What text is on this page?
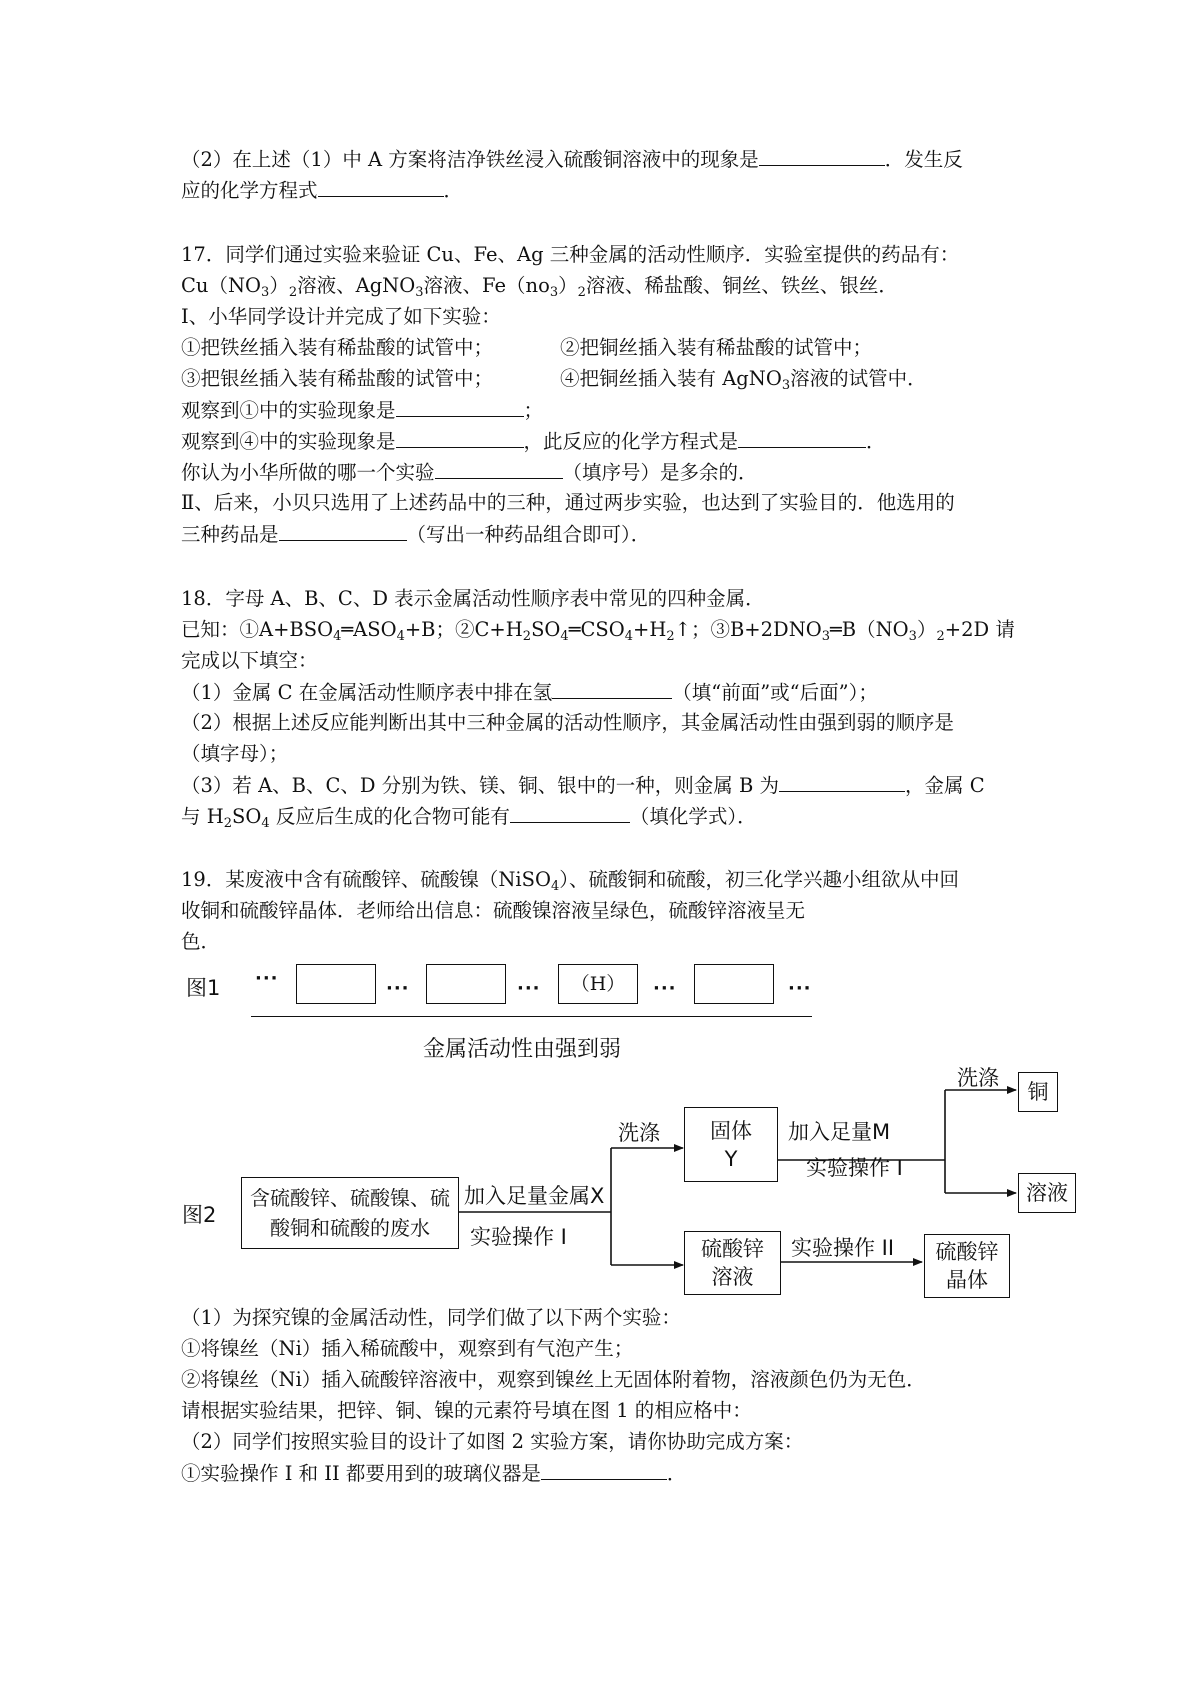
（2）在上述（1）中 A 方案将洁净铁丝浸入硫酸铜溶液中的现象是	．发生反
应的化学方程式	．
17．同学们通过实验来验证 Cu、Fe、Ag 三种金属的活动性顺序．实验室提供的药品有：
$Cu(NO_3)_2$溶液、AgNO$_3$溶液、$Fe(no_3)_2$溶液、稀盐酸、铜丝、铁丝、银丝．
Ⅰ、小华同学设计并完成了如下实验：
①把铁丝插入装有稀盐酸的试管中；	②把铜丝插入装有稀盐酸的试管中；
③把银丝插入装有稀盐酸的试管中；	④把铜丝插入装有 AgNO$_3$溶液的试管中．
观察到①中的实验现象是	；
观察到④中的实验现象是	，此反应的化学方程式是	．
你认为小华所做的哪一个实验	（填序号）是多余的．
Ⅱ、后来，小贝只选用了上述药品中的三种，通过两步实验，也达到了实验目的．他选用的
三种药品是	（写出一种药品组合即可）．
18．字母 A、B、C、D 表示金属活动性顺序表中常见的四种金属．
已知：$①A+BSO_4═ASO_4+B$；$②C+H_2SO_4═CSO_4+H_2↑$；$③B+2DNO_3═B(NO_3)_2+2D$ 请
完成以下填空：
（1）金属 C 在金属活动性顺序表中排在氢	（填“前面”或“后面”）；
（2）根据上述反应能判断出其中三种金属的活动性顺序，其金属活动性由强到弱的顺序是
（填字母）；
（3）若 A、B、C、D 分别为铁、镁、铜、银中的一种，则金属 B 为	，金属 C
与 $H_2SO_4$ 反应后生成的化合物可能有	（填化学式）．
19．某废液中含有硫酸锌、硫酸镍（NiSO$_4$）、硫酸铜和硫酸，初三化学兴趣小组欲从中回
收铜和硫酸锌晶体．老师给出信息：硫酸镍溶液呈绿色，硫酸锌溶液呈无
色．
图1 ···	···	···	（H）	···	···
金属活动性由强到弱
图2
含硫酸锌、硫酸镍、硫酸铜和硫酸的废水
加入足量金属X
实验操作 I
洗涤	固体
Y
加入足量M
实验操作 I
洗涤
铜
溶液
硫酸锌
溶液
实验操作 II	硫酸锌
晶体
（1）为探究镍的金属活动性，同学们做了以下两个实验：
①将镍丝（Ni）插入稀硫酸中，观察到有气泡产生；
②将镍丝（Ni）插入硫酸锌溶液中，观察到镍丝上无固体附着物，溶液颜色仍为无色．
请根据实验结果，把锌、铜、镍的元素符号填在图 1 的相应格中：
（2）同学们按照实验目的设计了如图 2 实验方案，请你协助完成方案：
①实验操作 I 和 II 都要用到的玻璃仪器是	．
